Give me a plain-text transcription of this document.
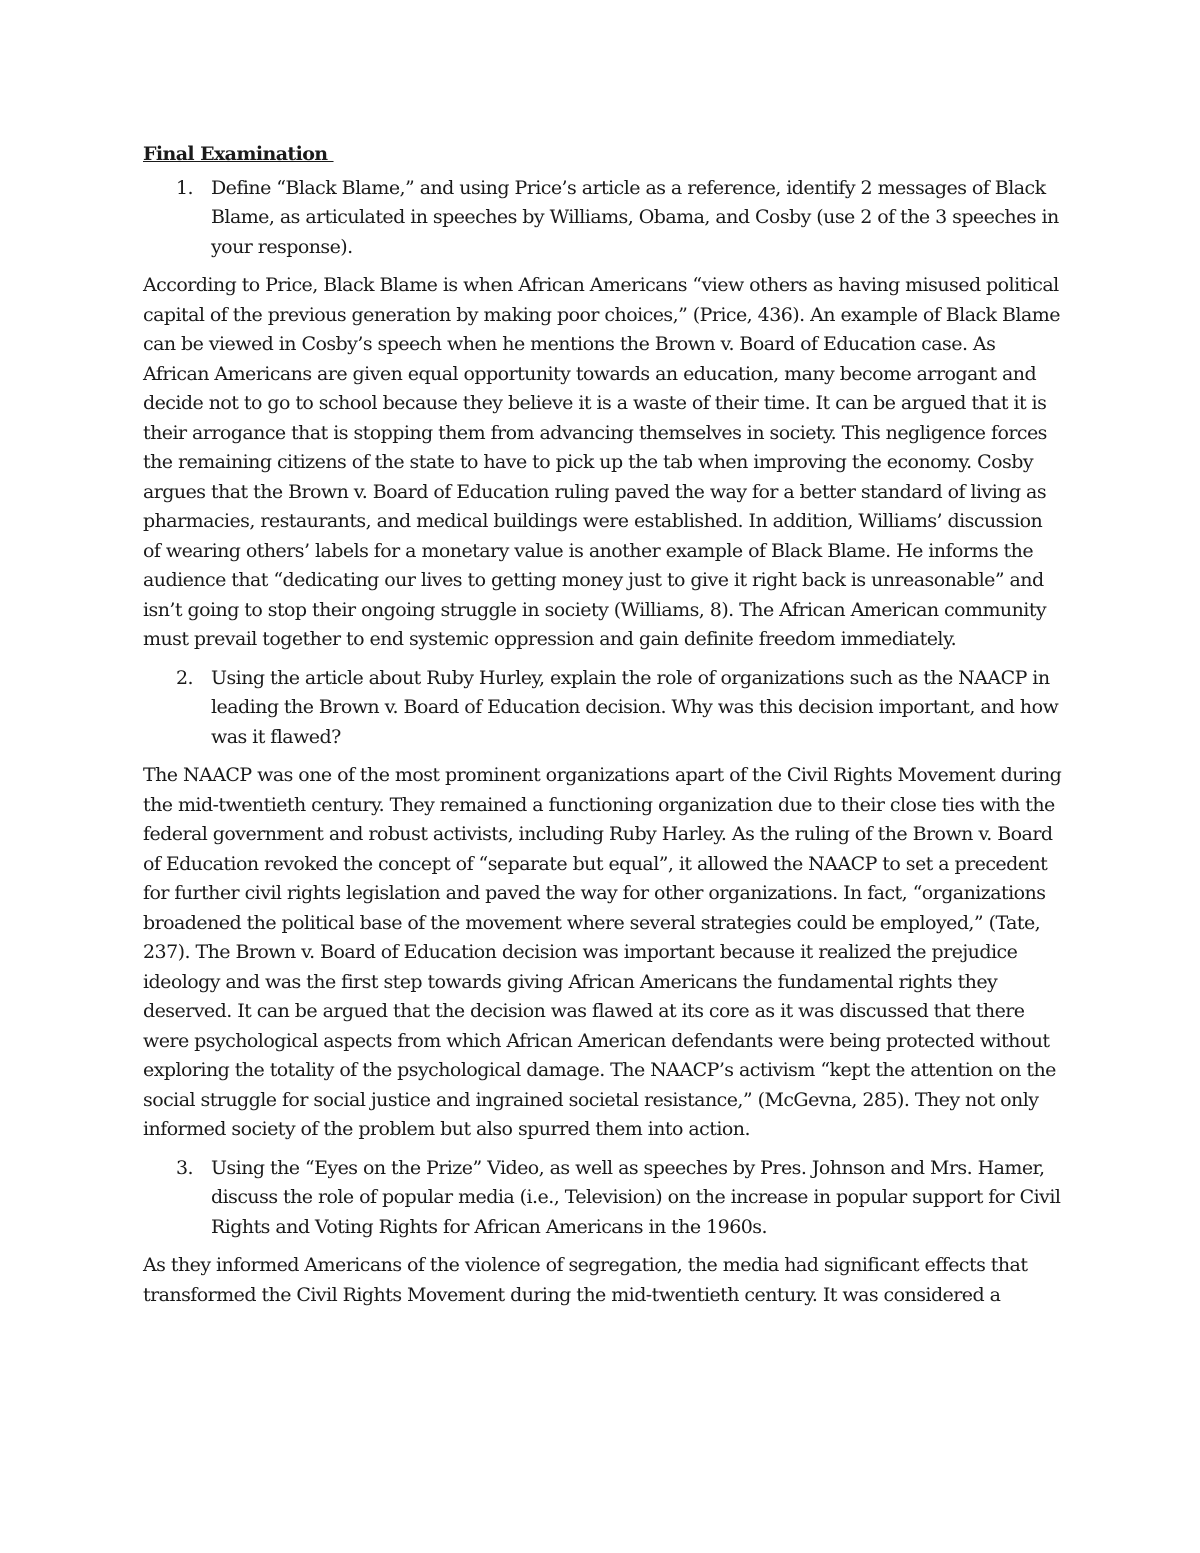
Final Examination
1. Define “Black Blame,” and using Price’s article as a reference, identify 2 messages of Black Blame, as articulated in speeches by Williams, Obama, and Cosby (use 2 of the 3 speeches in your response).

According to Price, Black Blame is when African Americans “view others as having misused political capital of the previous generation by making poor choices,” (Price, 436). An example of Black Blame can be viewed in Cosby’s speech when he mentions the Brown v. Board of Education case. As African Americans are given equal opportunity towards an education, many become arrogant and decide not to go to school because they believe it is a waste of their time. It can be argued that it is their arrogance that is stopping them from advancing themselves in society. This negligence forces the remaining citizens of the state to have to pick up the tab when improving the economy. Cosby argues that the Brown v. Board of Education ruling paved the way for a better standard of living as pharmacies, restaurants, and medical buildings were established. In addition, Williams’ discussion of wearing others’ labels for a monetary value is another example of Black Blame. He informs the audience that “dedicating our lives to getting money just to give it right back is unreasonable” and isn’t going to stop their ongoing struggle in society (Williams, 8). The African American community must prevail together to end systemic oppression and gain definite freedom immediately.

2. Using the article about Ruby Hurley, explain the role of organizations such as the NAACP in leading the Brown v. Board of Education decision. Why was this decision important, and how was it flawed?

The NAACP was one of the most prominent organizations apart of the Civil Rights Movement during the mid-twentieth century. They remained a functioning organization due to their close ties with the federal government and robust activists, including Ruby Harley. As the ruling of the Brown v. Board of Education revoked the concept of “separate but equal”, it allowed the NAACP to set a precedent for further civil rights legislation and paved the way for other organizations. In fact, “organizations broadened the political base of the movement where several strategies could be employed,” (Tate, 237). The Brown v. Board of Education decision was important because it realized the prejudice ideology and was the first step towards giving African Americans the fundamental rights they deserved. It can be argued that the decision was flawed at its core as it was discussed that there were psychological aspects from which African American defendants were being protected without exploring the totality of the psychological damage. The NAACP’s activism “kept the attention on the social struggle for social justice and ingrained societal resistance,” (McGevna, 285). They not only informed society of the problem but also spurred them into action.

3. Using the “Eyes on the Prize” Video, as well as speeches by Pres. Johnson and Mrs. Hamer, discuss the role of popular media (i.e., Television) on the increase in popular support for Civil Rights and Voting Rights for African Americans in the 1960s.

As they informed Americans of the violence of segregation, the media had significant effects that transformed the Civil Rights Movement during the mid-twentieth century. It was considered a
